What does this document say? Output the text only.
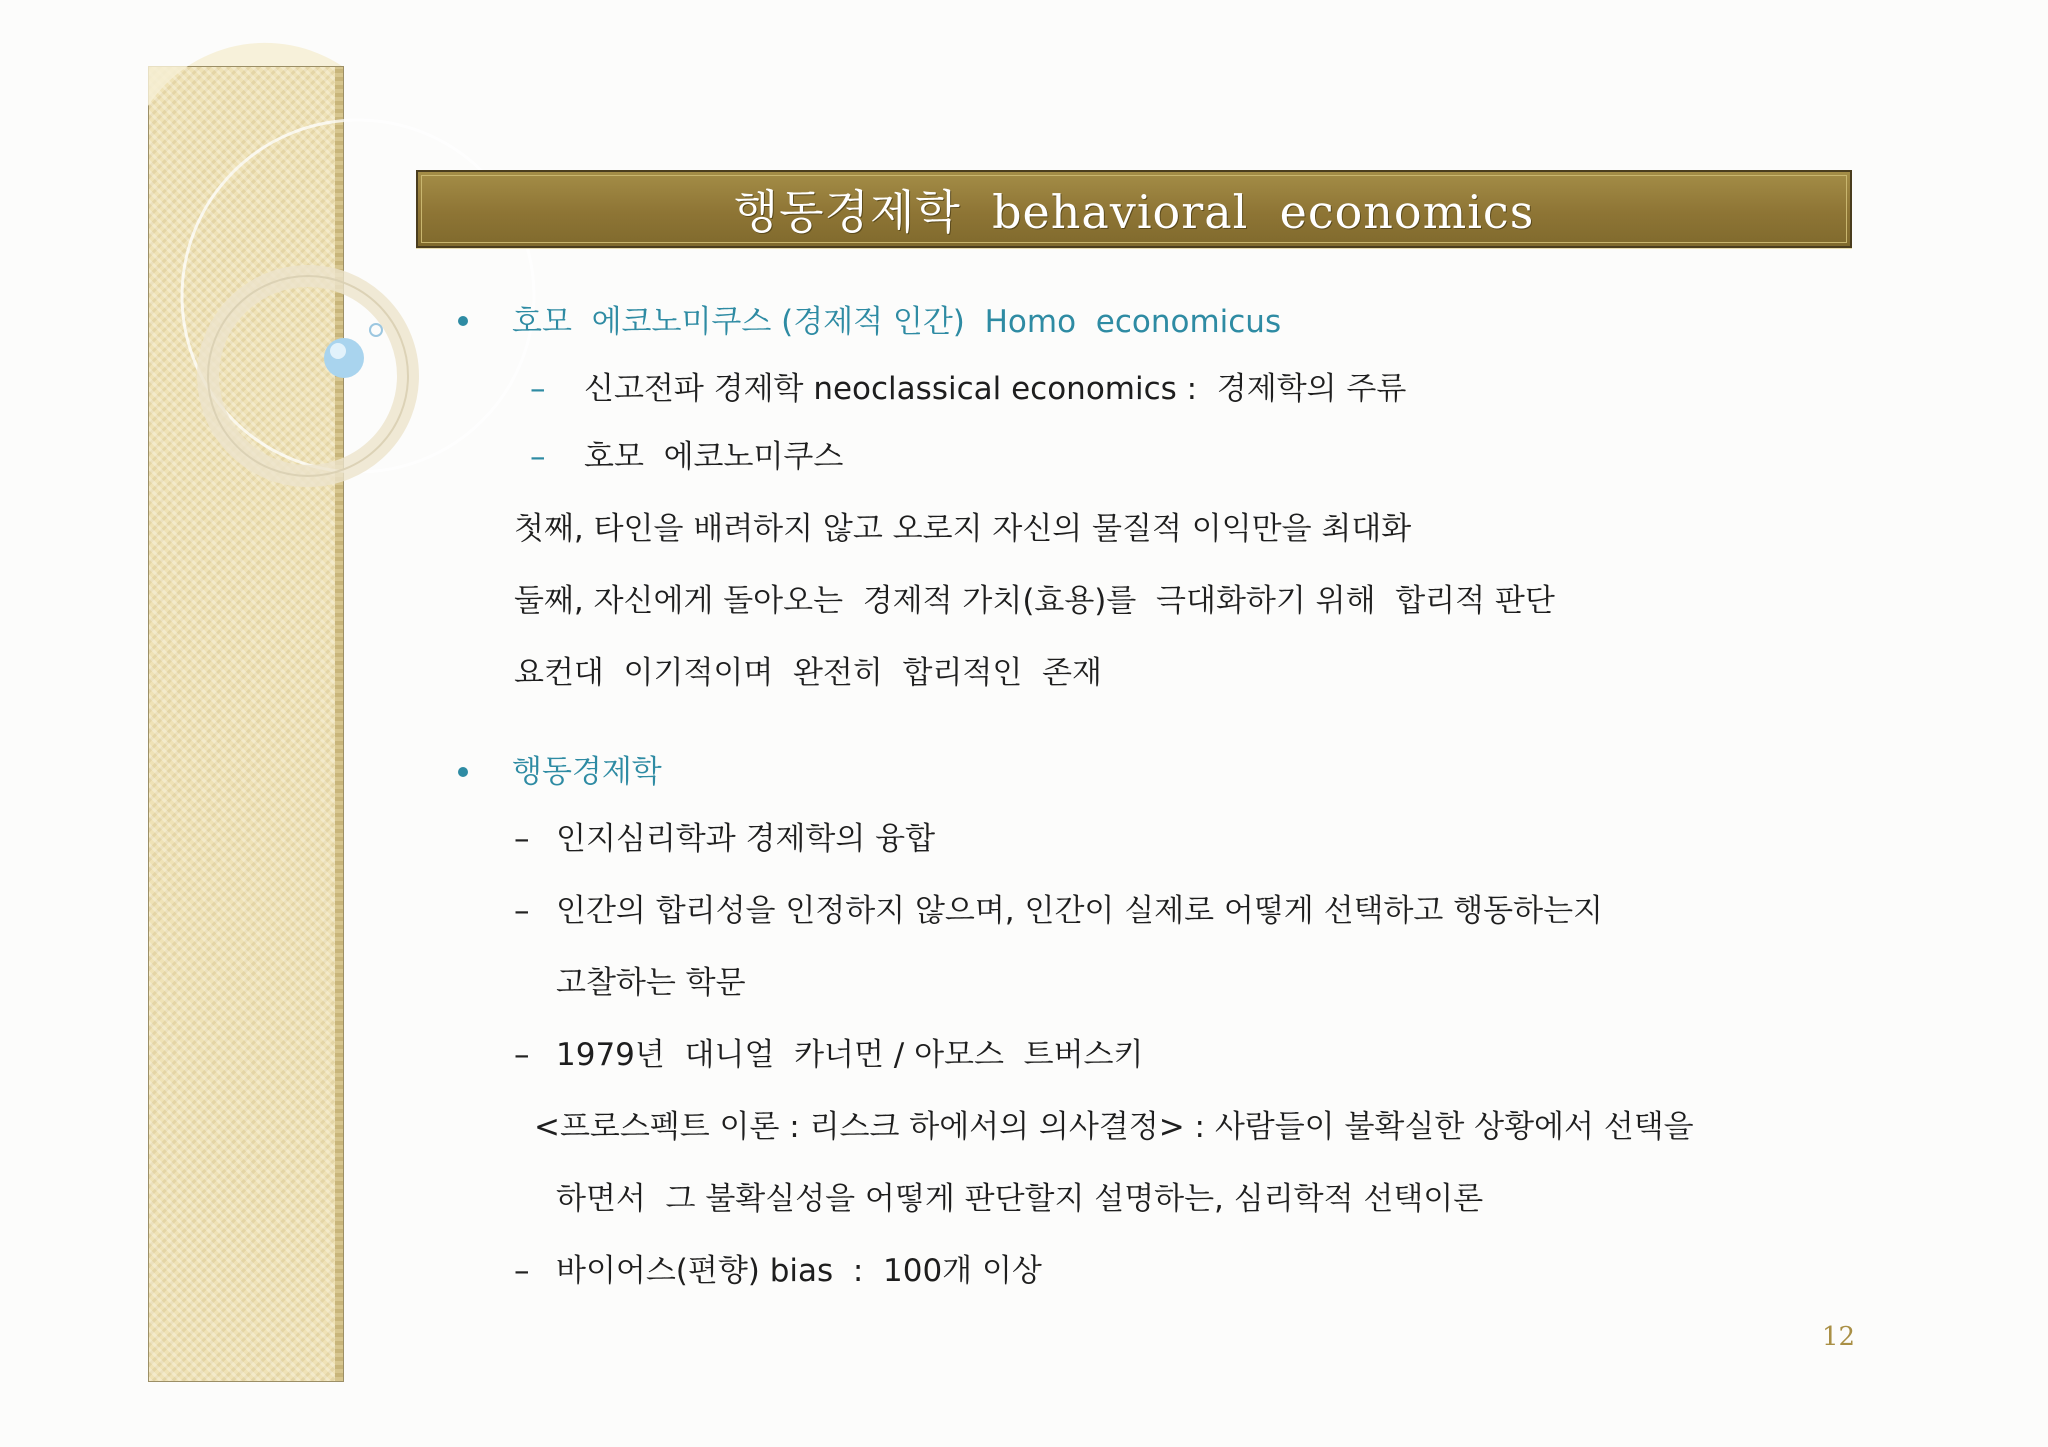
행동경제학  behavioral  economics
호모  에코노미쿠스 (경제적 인간)  Homo  economicus
– 신고전파 경제학 neoclassical economics :  경제학의 주류
– 호모  에코노미쿠스
첫째, 타인을 배려하지 않고 오로지 자신의 물질적 이익만을 최대화
둘째, 자신에게 돌아오는  경제적 가치(효용)를  극대화하기 위해  합리적 판단
요컨대  이기적이며  완전히  합리적인  존재
행동경제학
– 인지심리학과 경제학의 융합
– 인간의 합리성을 인정하지 않으며, 인간이 실제로 어떻게 선택하고 행동하는지
고찰하는 학문
– 1979년  대니얼  카너먼 / 아모스  트버스키
<프로스펙트 이론 : 리스크 하에서의 의사결정> : 사람들이 불확실한 상황에서 선택을
하면서  그 불확실성을 어떻게 판단할지 설명하는, 심리학적 선택이론
– 바이어스(편향) bias  :  100개 이상
12
